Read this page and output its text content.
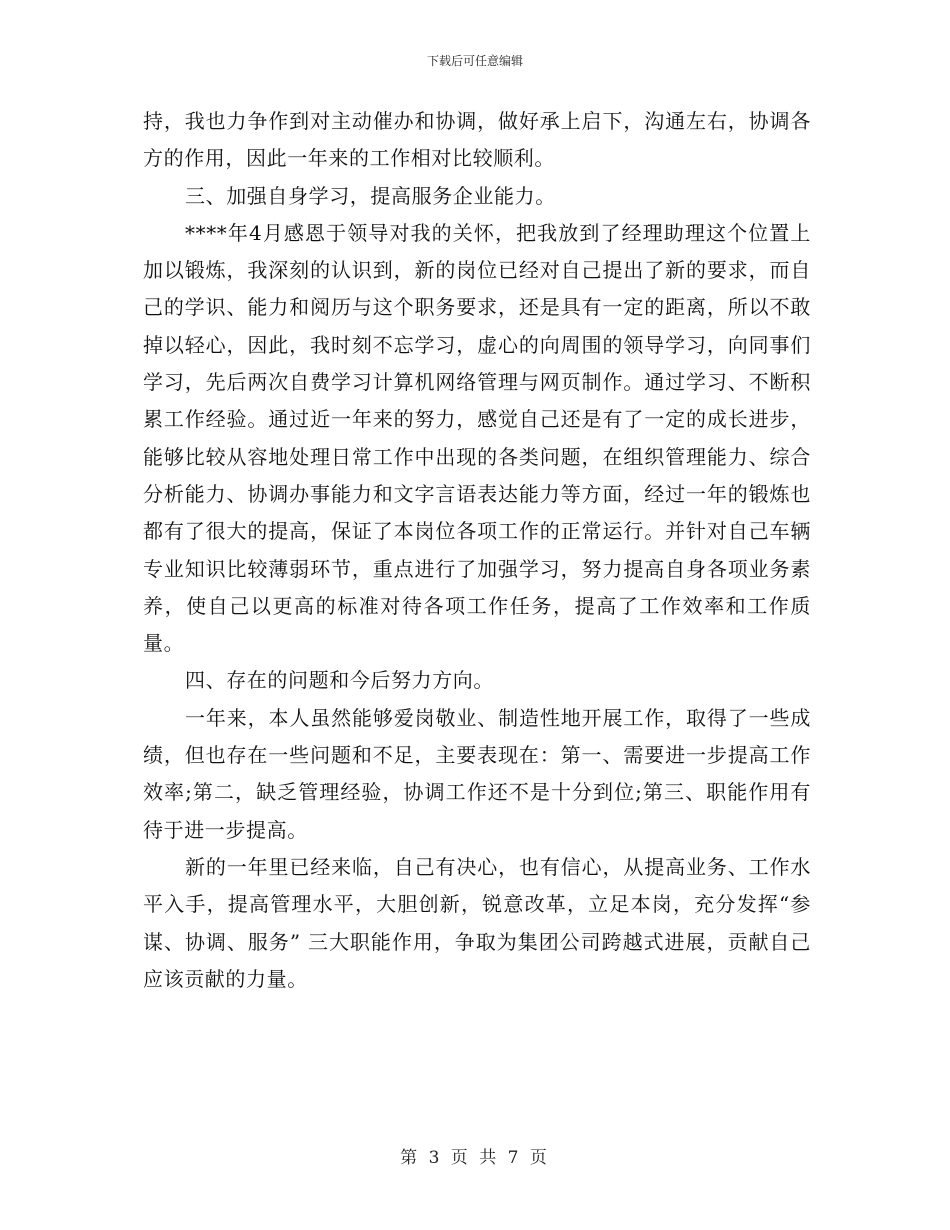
下载后可任意编辑

持，我也力争作到对主动催办和协调，做好承上启下，沟通左右，协调各方的作用，因此一年来的工作相对比较顺利。

三、加强自身学习，提高服务企业能力。

****年4月感恩于领导对我的关怀，把我放到了经理助理这个位置上加以锻炼，我深刻的认识到，新的岗位已经对自己提出了新的要求，而自己的学识、能力和阅历与这个职务要求，还是具有一定的距离，所以不敢掉以轻心，因此，我时刻不忘学习，虚心的向周围的领导学习，向同事们学习，先后两次自费学习计算机网络管理与网页制作。通过学习、不断积累工作经验。通过近一年来的努力，感觉自己还是有了一定的成长进步，能够比较从容地处理日常工作中出现的各类问题，在组织管理能力、综合分析能力、协调办事能力和文字言语表达能力等方面，经过一年的锻炼也都有了很大的提高，保证了本岗位各项工作的正常运行。并针对自己车辆专业知识比较薄弱环节，重点进行了加强学习，努力提高自身各项业务素养，使自己以更高的标准对待各项工作任务，提高了工作效率和工作质量。

四、存在的问题和今后努力方向。

一年来，本人虽然能够爱岗敬业、制造性地开展工作，取得了一些成绩，但也存在一些问题和不足，主要表现在：第一、需要进一步提高工作效率;第二，缺乏管理经验，协调工作还不是十分到位;第三、职能作用有待于进一步提高。

新的一年里已经来临，自己有决心，也有信心，从提高业务、工作水平入手，提高管理水平，大胆创新，锐意改革，立足本岗，充分发挥“参谋、协调、服务” 三大职能作用，争取为集团公司跨越式进展，贡献自己应该贡献的力量。

第 3 页 共 7 页
